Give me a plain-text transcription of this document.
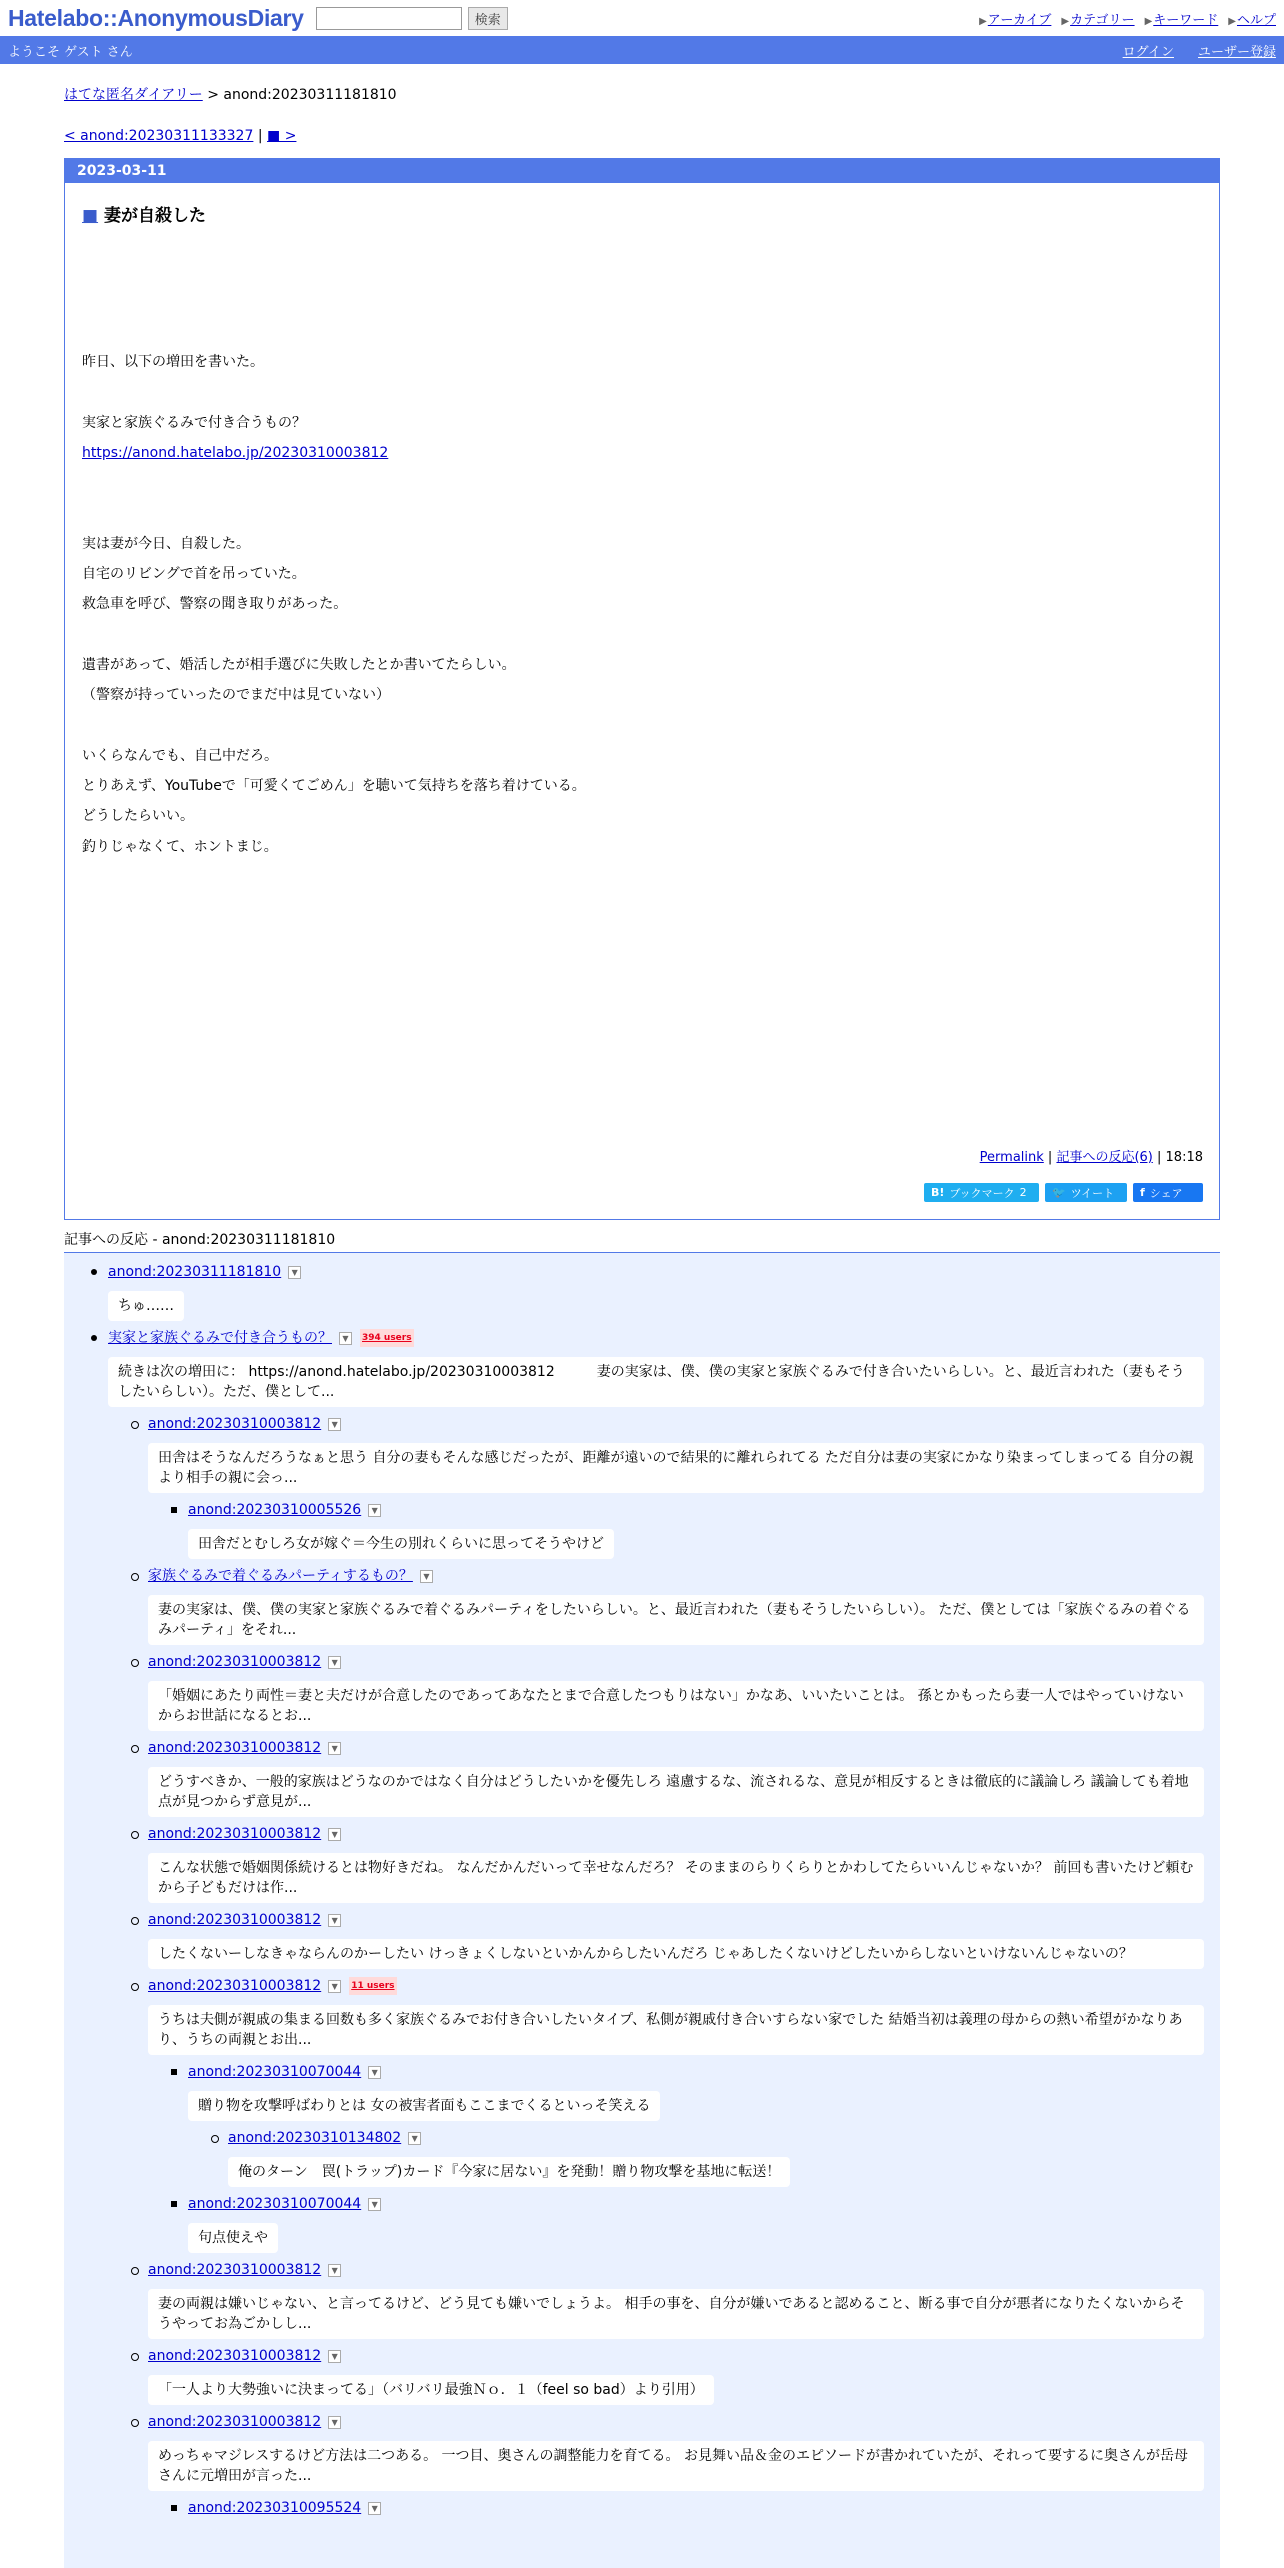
Hatelabo::AnonymousDiary	検索	▶アーカイブ ▶カテゴリー ▶キーワード ▶ヘルプ
ようこそ ゲスト さん	ログイン ユーザー登録
はてな匿名ダイアリー > anond:20230311181810
< anond:20230311133327 | ■ >
2023-03-11
■ 妻が自殺した

昨日、以下の増田を書いた。

実家と家族ぐるみで付き合うもの？

https://anond.hatelabo.jp/20230310003812

実は妻が今日、自殺した。

自宅のリビングで首を吊っていた。

救急車を呼び、警察の聞き取りがあった。

遺書があって、婚活したが相手選びに失敗したとか書いてたらしい。

（警察が持っていったのでまだ中は見ていない）

いくらなんでも、自己中だろ。

とりあえず、YouTubeで「可愛くてごめん」を聴いて気持ちを落ち着けている。

どうしたらいい。

釣りじゃなくて、ホントまじ。

Permalink | 記事への反応(6) | 18:18
B! ブックマーク 2 🐦 ツイート f シェア
記事への反応 - anond:20230311181810
anond:20230311181810	▼
ちゅ……
実家と家族ぐるみで付き合うもの？	▼	394 users
続きは次の増田に： https://anond.hatelabo.jp/20230310003812　　　妻の実家は、僕、僕の実家と家族ぐるみで付き合いたいらしい。と、最近言われた（妻もそうしたいらしい）。ただ、僕として...
anond:20230310003812	▼
田舎はそうなんだろうなぁと思う 自分の妻もそんな感じだったが、距離が遠いので結果的に離れられてる ただ自分は妻の実家にかなり染まってしまってる 自分の親より相手の親に会っ...
anond:20230310005526	▼
田舎だとむしろ女が嫁ぐ＝今生の別れくらいに思ってそうやけど
家族ぐるみで着ぐるみパーティするもの？	▼
妻の実家は、僕、僕の実家と家族ぐるみで着ぐるみパーティをしたいらしい。と、最近言われた（妻もそうしたいらしい）。 ただ、僕としては「家族ぐるみの着ぐるみパーティ」をそれ...
anond:20230310003812	▼
「婚姻にあたり両性＝妻と夫だけが合意したのであってあなたとまで合意したつもりはない」かなあ、いいたいことは。 孫とかもったら妻一人ではやっていけないからお世話になるとお...
anond:20230310003812	▼
どうすべきか、一般的家族はどうなのかではなく自分はどうしたいかを優先しろ 遠慮するな、流されるな、意見が相反するときは徹底的に議論しろ 議論しても着地点が見つからず意見が...
anond:20230310003812	▼
こんな状態で婚姻関係続けるとは物好きだね。 なんだかんだいって幸せなんだろ？ そのままのらりくらりとかわしてたらいいんじゃないか？ 前回も書いたけど頼むから子どもだけは作...
anond:20230310003812	▼
したくないーしなきゃならんのかーしたい けっきょくしないといかんからしたいんだろ じゃあしたくないけどしたいからしないといけないんじゃないの？
anond:20230310003812	▼	11 users
うちは夫側が親戚の集まる回数も多く家族ぐるみでお付き合いしたいタイプ、私側が親戚付き合いすらない家でした 結婚当初は義理の母からの熱い希望がかなりあり、うちの両親とお出...
anond:20230310070044	▼
贈り物を攻撃呼ばわりとは 女の被害者面もここまでくるといっそ笑える
anond:20230310134802	▼
俺のターン　罠(トラップ)カード『今家に居ない』を発動！贈り物攻撃を基地に転送！
anond:20230310070044	▼
句点使えや
anond:20230310003812	▼
妻の両親は嫌いじゃない、と言ってるけど、どう見ても嫌いでしょうよ。 相手の事を、自分が嫌いであると認めること、断る事で自分が悪者になりたくないからそうやってお為ごかしし...
anond:20230310003812	▼
「一人より大勢強いに決まってる」（バリバリ最強Ｎｏ．１（feel so bad）より引用）
anond:20230310003812	▼
めっちゃマジレスするけど方法は二つある。 一つ目、奥さんの調整能力を育てる。 お見舞い品＆金のエピソードが書かれていたが、それって要するに奥さんが岳母さんに元増田が言った...
anond:20230310095524	▼
